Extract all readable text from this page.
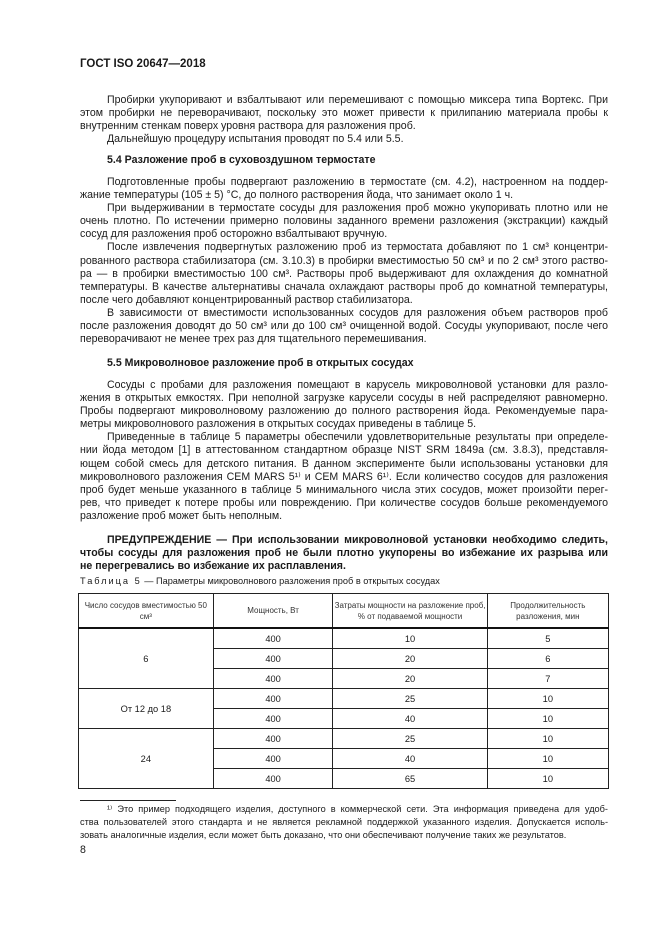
ГОСТ ISO 20647—2018
Пробирки укупоривают и взбалтывают или перемешивают с помощью миксера типа Вортекс. При
этом пробирки не переворачивают, поскольку это может привести к прилипанию материала пробы к
внутренним стенкам поверх уровня раствора для разложения проб.
Дальнейшую процедуру испытания проводят по 5.4 или 5.5.
5.4 Разложение проб в суховоздушном термостате
Подготовленные пробы подвергают разложению в термостате (см. 4.2), настроенном на поддер-
жание температуры (105 ± 5) °С, до полного растворения йода, что занимает около 1 ч.
При выдерживании в термостате сосуды для разложения проб можно укупоривать плотно или не
очень плотно. По истечении примерно половины заданного времени разложения (экстракции) каждый
сосуд для разложения проб осторожно взбалтывают вручную.
После извлечения подвергнутых разложению проб из термостата добавляют по 1 см³ концентри-
рованного раствора стабилизатора (см. 3.10.3) в пробирки вместимостью 50 см³ и по 2 см³ этого раство-
ра — в пробирки вместимостью 100 см³. Растворы проб выдерживают для охлаждения до комнатной
температуры. В качестве альтернативы сначала охлаждают растворы проб до комнатной температуры,
после чего добавляют концентрированный раствор стабилизатора.
В зависимости от вместимости использованных сосудов для разложения объем растворов проб
после разложения доводят до 50 см³ или до 100 см³ очищенной водой. Сосуды укупоривают, после чего
переворачивают не менее трех раз для тщательного перемешивания.
5.5 Микроволновое разложение проб в открытых сосудах
Сосуды с пробами для разложения помещают в карусель микроволновой установки для разло-
жения в открытых емкостях. При неполной загрузке карусели сосуды в ней распределяют равномерно.
Пробы подвергают микроволновому разложению до полного растворения йода. Рекомендуемые пара-
метры микроволнового разложения в открытых сосудах приведены в таблице 5.
Приведенные в таблице 5 параметры обеспечили удовлетворительные результаты при определе-
нии йода методом [1] в аттестованном стандартном образце NIST SRM 1849а (см. 3.8.3), представля-
ющем собой смесь для детского питания. В данном эксперименте были использованы установки для
микроволнового разложения CEM MARS 5¹⁾ и CEM MARS 6¹⁾. Если количество сосудов для разложения
проб будет меньше указанного в таблице 5 минимального числа этих сосудов, может произойти перег-
рев, что приведет к потере пробы или повреждению. При количестве сосудов больше рекомендуемого
разложение проб может быть неполным.
ПРЕДУПРЕЖДЕНИЕ — При использовании микроволновой установки необходимо следить,
чтобы сосуды для разложения проб не были плотно укупорены во избежание их разрыва или
не перегревались во избежание их расплавления.
Таблица 5 — Параметры микроволнового разложения проб в открытых сосудах
Число сосудов вместимостью 50 см³	Мощность, Вт	Затраты мощности на разложение проб, % от подаваемой мощности	Продолжительность разложения, мин
6	400	10	5
	400	20	6
	400	20	7
От 12 до 18	400	25	10
	400	40	10
24	400	25	10
	400	40	10
	400	65	10
¹⁾ Это пример подходящего изделия, доступного в коммерческой сети. Эта информация приведена для удоб-
ства пользователей этого стандарта и не является рекламной поддержкой указанного изделия. Допускается исполь-
зовать аналогичные изделия, если может быть доказано, что они обеспечивают получение таких же результатов.
8
